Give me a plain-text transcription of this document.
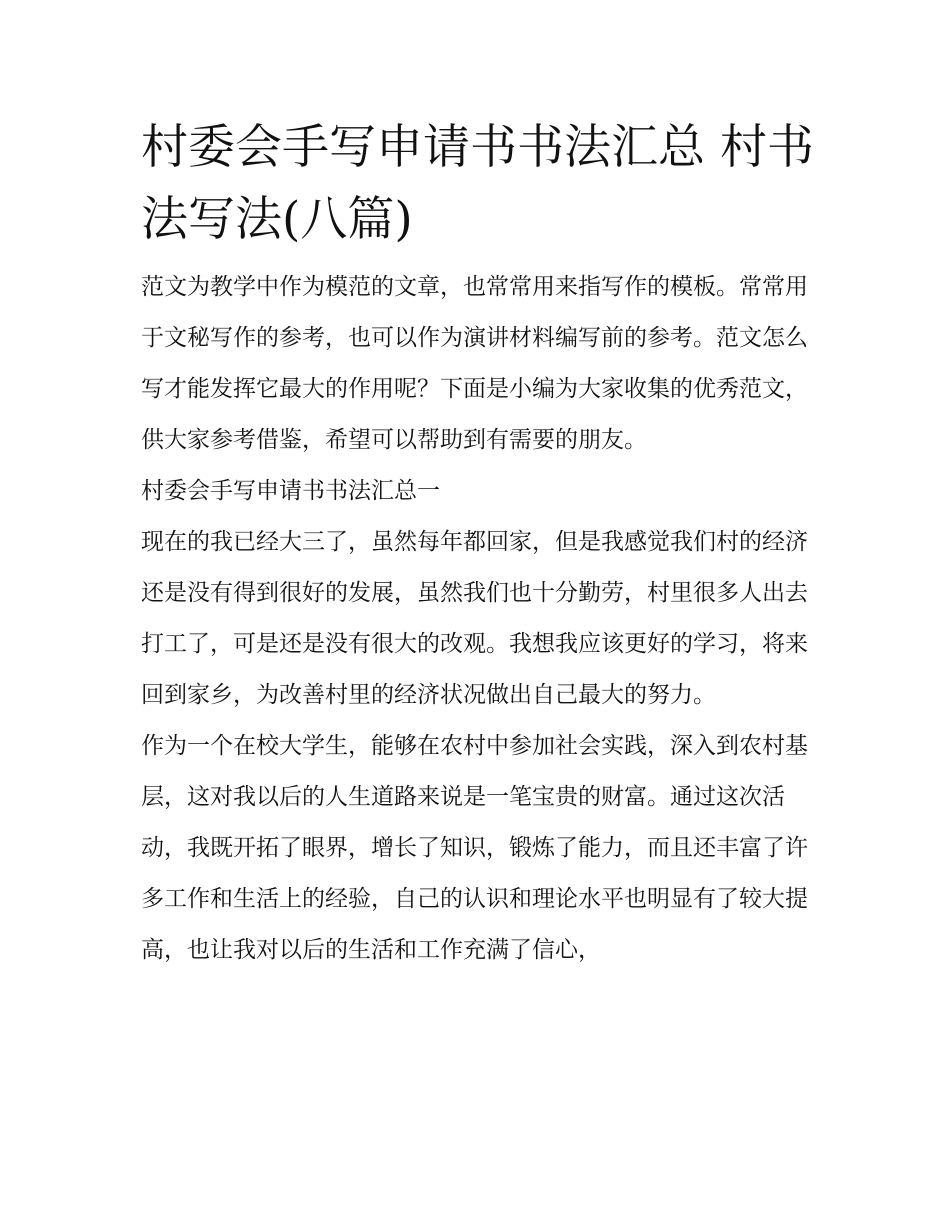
村委会手写申请书书法汇总 村书法写法(八篇)

范文为教学中作为模范的文章，也常常用来指写作的模板。常常用于文秘写作的参考，也可以作为演讲材料编写前的参考。范文怎么写才能发挥它最大的作用呢？下面是小编为大家收集的优秀范文，供大家参考借鉴，希望可以帮助到有需要的朋友。

村委会手写申请书书法汇总一

现在的我已经大三了，虽然每年都回家，但是我感觉我们村的经济还是没有得到很好的发展，虽然我们也十分勤劳，村里很多人出去打工了，可是还是没有很大的改观。我想我应该更好的学习，将来回到家乡，为改善村里的经济状况做出自己最大的努力。

作为一个在校大学生，能够在农村中参加社会实践，深入到农村基层，这对我以后的人生道路来说是一笔宝贵的财富。通过这次活动，我既开拓了眼界，增长了知识，锻炼了能力，而且还丰富了许多工作和生活上的经验，自己的认识和理论水平也明显有了较大提高，也让我对以后的生活和工作充满了信心，
